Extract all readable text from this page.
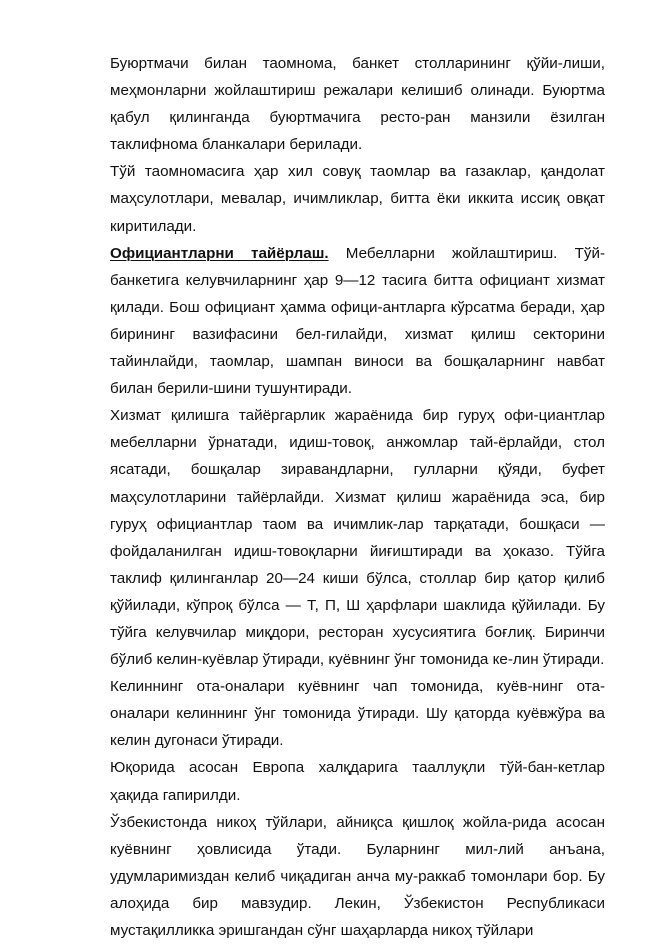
Буюртмачи билан таомнома, банкет столларининг қўйи-лиши, меҳмонларни жойлаштириш режалари келишиб олинади. Буюртма қабул қилинганда буюртмачига ресто-ран манзили ёзилган таклифнома бланкалари берилади.

Тўй таомномасига ҳар хил совуқ таомлар ва газаклар, қандолат маҳсулотлари, мевалар, ичимликлар, битта ёки иккита иссиқ овқат киритилади.

Официантларни тайёрлаш. Мебелларни жойлаштириш. Тўй-банкетига келувчиларнинг ҳар 9—12 тасига битта официант хизмат қилади. Бош официант ҳамма офици-антларга кўрсатма беради, ҳар бирининг вазифасини бел-гилайди, хизмат қилиш секторини тайинлайди, таомлар, шампан виноси ва бошқаларнинг навбат билан берили-шини тушунтиради.

Хизмат қилишга тайёргарлик жараёнида бир гуруҳ офи-циантлар мебелларни ўрнатади, идиш-товоқ, анжомлар тай-ёрлайди, стол ясатади, бошқалар зиравандларни, гулларни қўяди, буфет маҳсулотларини тайёрлайди. Хизмат қилиш жараёнида эса, бир гуруҳ официантлар таом ва ичимлик-лар тарқатади, бошқаси — фойдаланилган идиш-товоқларни йиғиштиради ва ҳоказо. Тўйга таклиф қилинганлар 20—24 киши бўлса, столлар бир қатор қилиб қўйилади, кўпроқ бўлса — Т, П, Ш ҳарфлари шаклида қўйилади. Бу тўйга келувчилар миқдори, ресторан хусусиятига боғлиқ. Биринчи бўлиб келин-куёвлар ўтиради, куёвнинг ўнг томонида ке-лин ўтиради.

Келиннинг ота-оналари куёвнинг чап томонида, куёв-нинг ота-оналари келиннинг ўнг томонида ўтиради. Шу қаторда куёвжўра ва келин дугонаси ўтиради.

Юқорида асосан Европа халқдарига тааллуқли тўй-бан-кетлар ҳақида гапирилди.

Ўзбекистонда никоҳ тўйлари, айниқса қишлоқ жойла-рида асосан куёвнинг ҳовлисида ўтади. Буларнинг мил-лий анъана, удумларимиздан келиб чиқадиган анча му-раккаб томонлари бор. Бу алоҳида бир мавзудир. Лекин, Ўзбекистон Республикаси мустақилликка эришгандан сўнг шаҳарларда никоҳ тўйлари
